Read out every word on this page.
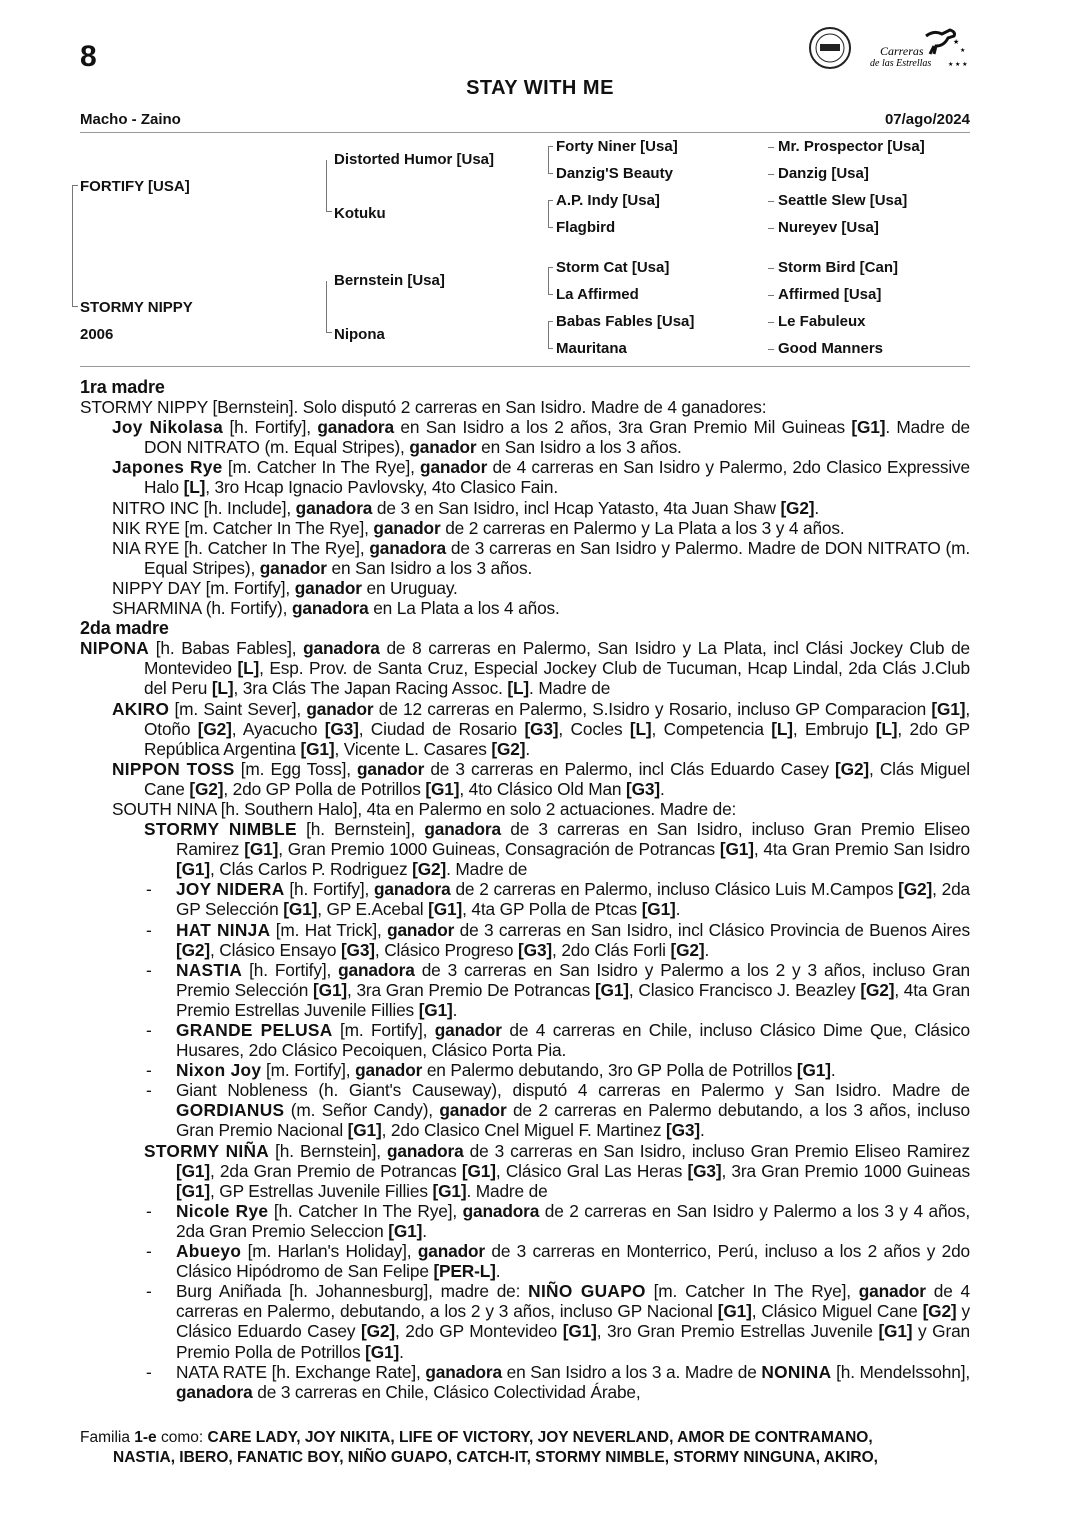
8	Carreras
de las Estrellas
★
★
★ ★ ★
STAY WITH ME
Macho - Zaino	07/ago/2024
FORTIFY [USA]
STORMY NIPPY
2006
Distorted Humor [Usa]
Kotuku
Bernstein [Usa]
Nipona
Forty Niner [Usa]
Danzig'S Beauty
A.P. Indy [Usa]
Flagbird
Storm Cat [Usa]
La Affirmed
Babas Fables [Usa]
Mauritana
Mr. Prospector [Usa]
Danzig [Usa]
Seattle Slew [Usa]
Nureyev [Usa]
Storm Bird [Can]
Affirmed [Usa]
Le Fabuleux
Good Manners

1ra madre

STORMY NIPPY [Bernstein]. Solo disputó 2 carreras en San Isidro. Madre de 4 ganadores:

Joy Nikolasa [h. Fortify], ganadora en San Isidro a los 2 años, 3ra Gran Premio Mil Guineas [G1]. Madre de DON NITRATO (m. Equal Stripes), ganador en San Isidro a los 3 años.

Japones Rye [m. Catcher In The Rye], ganador de 4 carreras en San Isidro y Palermo, 2do Clasico Expressive Halo [L], 3ro Hcap Ignacio Pavlovsky, 4to Clasico Fain.

NITRO INC [h. Include], ganadora de 3 en San Isidro, incl Hcap Yatasto, 4ta Juan Shaw [G2].

NIK RYE [m. Catcher In The Rye], ganador de 2 carreras en Palermo y La Plata a los 3 y 4 años.

NIA RYE [h. Catcher In The Rye], ganadora de 3 carreras en San Isidro y Palermo. Madre de DON NITRATO (m. Equal Stripes), ganador en San Isidro a los 3 años.

NIPPY DAY [m. Fortify], ganador en Uruguay.

SHARMINA (h. Fortify), ganadora en La Plata a los 4 años.

2da madre

NIPONA [h. Babas Fables], ganadora de 8 carreras en Palermo, San Isidro y La Plata, incl Clási Jockey Club de Montevideo [L], Esp. Prov. de Santa Cruz, Especial Jockey Club de Tucuman, Hcap Lindal, 2da Clás J.Club del Peru [L], 3ra Clás The Japan Racing Assoc. [L]. Madre de

AKIRO [m. Saint Sever], ganador de 12 carreras en Palermo, S.Isidro y Rosario, incluso GP Comparacion [G1], Otoño [G2], Ayacucho [G3], Ciudad de Rosario [G3], Cocles [L], Competencia [L], Embrujo [L], 2do GP República Argentina [G1], Vicente L. Casares [G2].

NIPPON TOSS [m. Egg Toss], ganador de 3 carreras en Palermo, incl Clás Eduardo Casey [G2], Clás Miguel Cane [G2], 2do GP Polla de Potrillos [G1], 4to Clásico Old Man [G3].

SOUTH NINA [h. Southern Halo], 4ta en Palermo en solo 2 actuaciones. Madre de:

STORMY NIMBLE [h. Bernstein], ganadora de 3 carreras en San Isidro, incluso Gran Premio Eliseo Ramirez [G1], Gran Premio 1000 Guineas, Consagración de Potrancas [G1], 4ta Gran Premio San Isidro [G1], Clás Carlos P. Rodriguez [G2]. Madre de

- JOY NIDERA [h. Fortify], ganadora de 2 carreras en Palermo, incluso Clásico Luis M.Campos [G2], 2da GP Selección [G1], GP E.Acebal [G1], 4ta GP Polla de Ptcas [G1].

- HAT NINJA [m. Hat Trick], ganador de 3 carreras en San Isidro, incl Clásico Provincia de Buenos Aires [G2], Clásico Ensayo [G3], Clásico Progreso [G3], 2do Clás Forli [G2].

- NASTIA [h. Fortify], ganadora de 3 carreras en San Isidro y Palermo a los 2 y 3 años, incluso Gran Premio Selección [G1], 3ra Gran Premio De Potrancas [G1], Clasico Francisco J. Beazley [G2], 4ta Gran Premio Estrellas Juvenile Fillies [G1].

- GRANDE PELUSA [m. Fortify], ganador de 4 carreras en Chile, incluso Clásico Dime Que, Clásico Husares, 2do Clásico Pecoiquen, Clásico Porta Pia.

- Nixon Joy [m. Fortify], ganador en Palermo debutando, 3ro GP Polla de Potrillos [G1].

- Giant Nobleness (h. Giant's Causeway), disputó 4 carreras en Palermo y San Isidro. Madre de GORDIANUS (m. Señor Candy), ganador de 2 carreras en Palermo debutando, a los 3 años, incluso Gran Premio Nacional [G1], 2do Clasico Cnel Miguel F. Martinez [G3].

STORMY NIÑA [h. Bernstein], ganadora de 3 carreras en San Isidro, incluso Gran Premio Eliseo Ramirez [G1], 2da Gran Premio de Potrancas [G1], Clásico Gral Las Heras [G3], 3ra Gran Premio 1000 Guineas [G1], GP Estrellas Juvenile Fillies [G1]. Madre de

- Nicole Rye [h. Catcher In The Rye], ganadora de 2 carreras en San Isidro y Palermo a los 3 y 4 años, 2da Gran Premio Seleccion [G1].

- Abueyo [m. Harlan's Holiday], ganador de 3 carreras en Monterrico, Perú, incluso a los 2 años y 2do Clásico Hipódromo de San Felipe [PER-L].

- Burg Aniñada [h. Johannesburg], madre de: NIÑO GUAPO [m. Catcher In The Rye], ganador de 4 carreras en Palermo, debutando, a los 2 y 3 años, incluso GP Nacional [G1], Clásico Miguel Cane [G2] y Clásico Eduardo Casey [G2], 2do GP Montevideo [G1], 3ro Gran Premio Estrellas Juvenile [G1] y Gran Premio Polla de Potrillos [G1].

- NATA RATE [h. Exchange Rate], ganadora en San Isidro a los 3 a. Madre de NONINA [h. Mendelssohn], ganadora de 3 carreras en Chile, Clásico Colectividad Árabe,

Familia 1-e como: CARE LADY, JOY NIKITA, LIFE OF VICTORY, JOY NEVERLAND, AMOR DE CONTRAMANO,
NASTIA, IBERO, FANATIC BOY, NIÑO GUAPO, CATCH-IT, STORMY NIMBLE, STORMY NINGUNA, AKIRO,
